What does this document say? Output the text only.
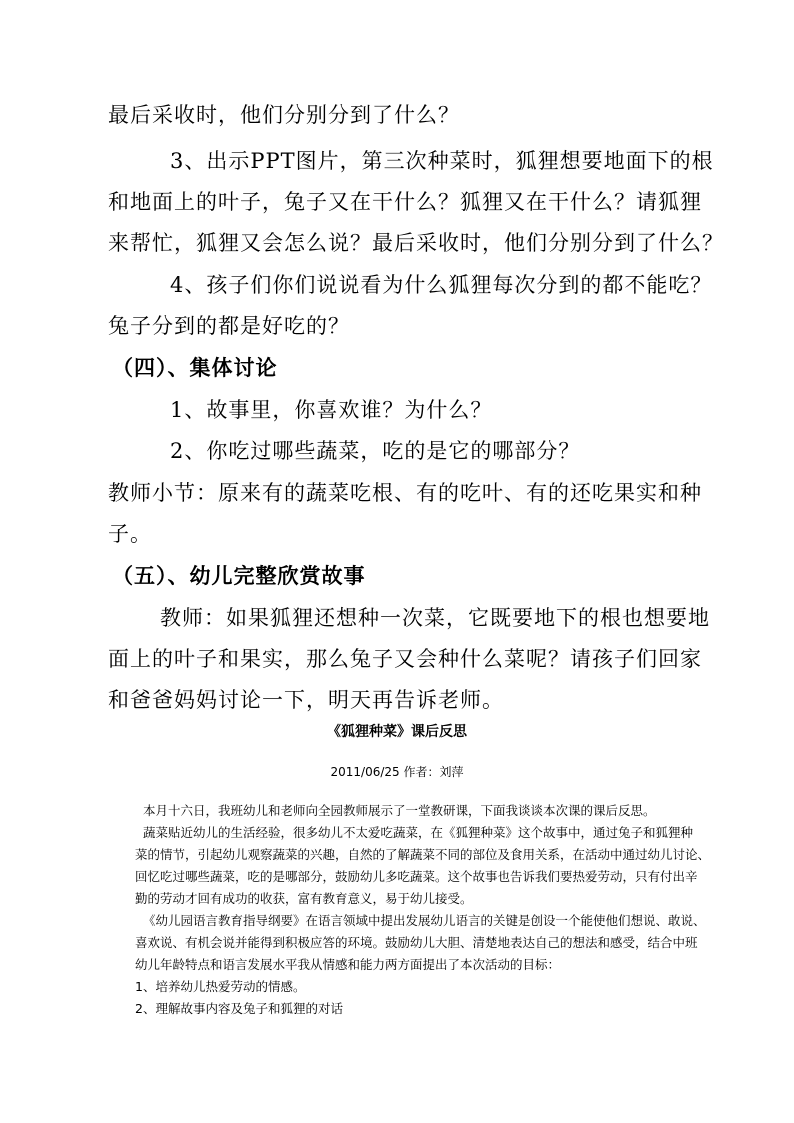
最后采收时，他们分别分到了什么？
3、出示PPT图片，第三次种菜时，狐狸想要地面下的根
和地面上的叶子，兔子又在干什么？狐狸又在干什么？请狐狸
来帮忙，狐狸又会怎么说？最后采收时，他们分别分到了什么？
4、孩子们你们说说看为什么狐狸每次分到的都不能吃？
兔子分到的都是好吃的？
（四）、集体讨论
1、故事里，你喜欢谁？为什么？
2、你吃过哪些蔬菜，吃的是它的哪部分？
教师小节：原来有的蔬菜吃根、有的吃叶、有的还吃果实和种
子。
（五）、幼儿完整欣赏故事
教师：如果狐狸还想种一次菜，它既要地下的根也想要地
面上的叶子和果实，那么兔子又会种什么菜呢？请孩子们回家
和爸爸妈妈讨论一下，明天再告诉老师。
《狐狸种菜》课后反思
2011/06/25 作者：刘萍
本月十六日，我班幼儿和老师向全园教师展示了一堂教研课，下面我谈谈本次课的课后反思。
蔬菜贴近幼儿的生活经验，很多幼儿不太爱吃蔬菜，在《狐狸种菜》这个故事中，通过兔子和狐狸种
菜的情节，引起幼儿观察蔬菜的兴趣，自然的了解蔬菜不同的部位及食用关系，在活动中通过幼儿讨论、
回忆吃过哪些蔬菜，吃的是哪部分，鼓励幼儿多吃蔬菜。这个故事也告诉我们要热爱劳动，只有付出辛
勤的劳动才回有成功的收获，富有教育意义，易于幼儿接受。
《幼儿园语言教育指导纲要》在语言领域中提出发展幼儿语言的关键是创设一个能使他们想说、敢说、
喜欢说、有机会说并能得到积极应答的环境。鼓励幼儿大胆、清楚地表达自己的想法和感受，结合中班
幼儿年龄特点和语言发展水平我从情感和能力两方面提出了本次活动的目标：
1、培养幼儿热爱劳动的情感。
2、理解故事内容及兔子和狐狸的对话
